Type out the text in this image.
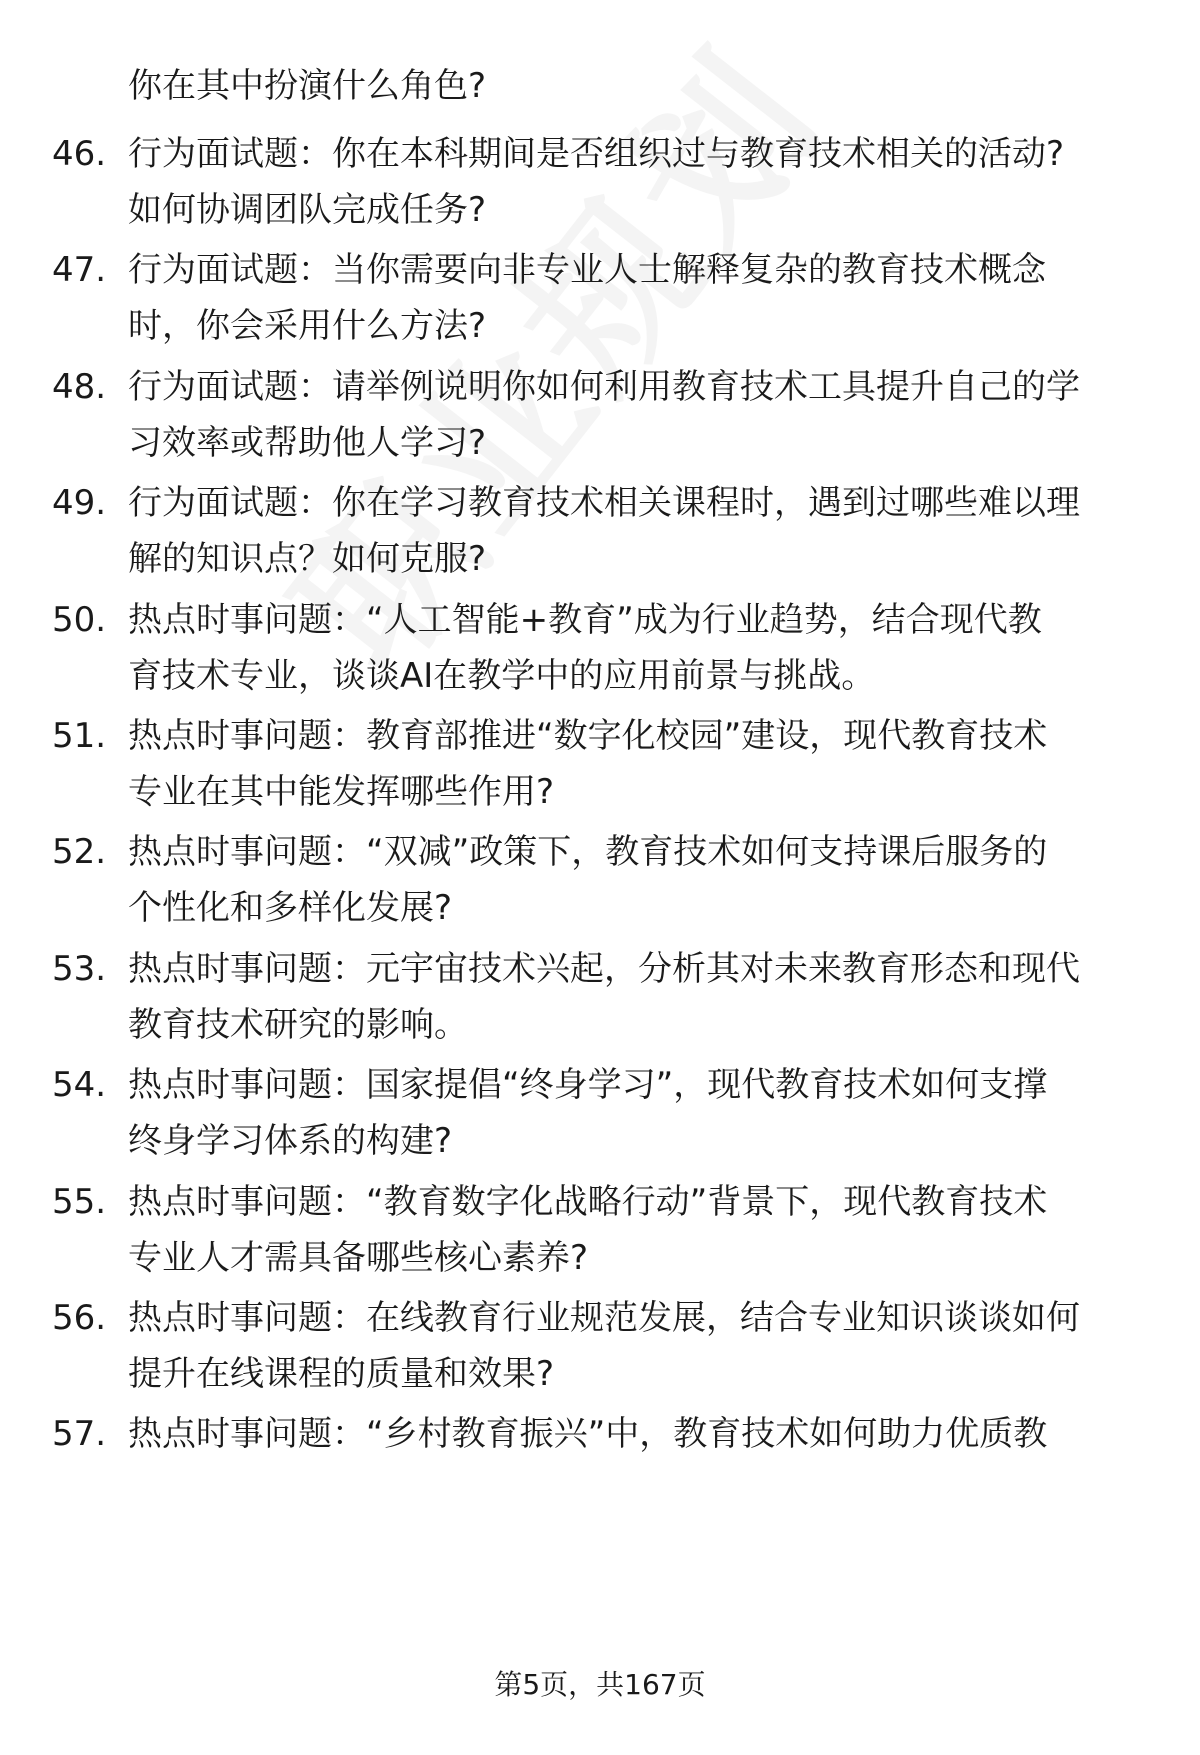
你在其中扮演什么角色?
46. 行为面试题：你在本科期间是否组织过与教育技术相关的活动?
如何协调团队完成任务?
47. 行为面试题：当你需要向非专业人士解释复杂的教育技术概念
时，你会采用什么方法?
48. 行为面试题：请举例说明你如何利用教育技术工具提升自己的学
习效率或帮助他人学习?
49. 行为面试题：你在学习教育技术相关课程时，遇到过哪些难以理
解的知识点？如何克服?
50. 热点时事问题：“人工智能+教育”成为行业趋势，结合现代教
育技术专业，谈谈AI在教学中的应用前景与挑战。
51. 热点时事问题：教育部推进“数字化校园”建设，现代教育技术
专业在其中能发挥哪些作用?
52. 热点时事问题：“双减”政策下，教育技术如何支持课后服务的
个性化和多样化发展?
53. 热点时事问题：元宇宙技术兴起，分析其对未来教育形态和现代
教育技术研究的影响。
54. 热点时事问题：国家提倡“终身学习”，现代教育技术如何支撑
终身学习体系的构建?
55. 热点时事问题：“教育数字化战略行动”背景下，现代教育技术
专业人才需具备哪些核心素养?
56. 热点时事问题：在线教育行业规范发展，结合专业知识谈谈如何
提升在线课程的质量和效果?
57. 热点时事问题：“乡村教育振兴”中，教育技术如何助力优质教
第5页，共167页
